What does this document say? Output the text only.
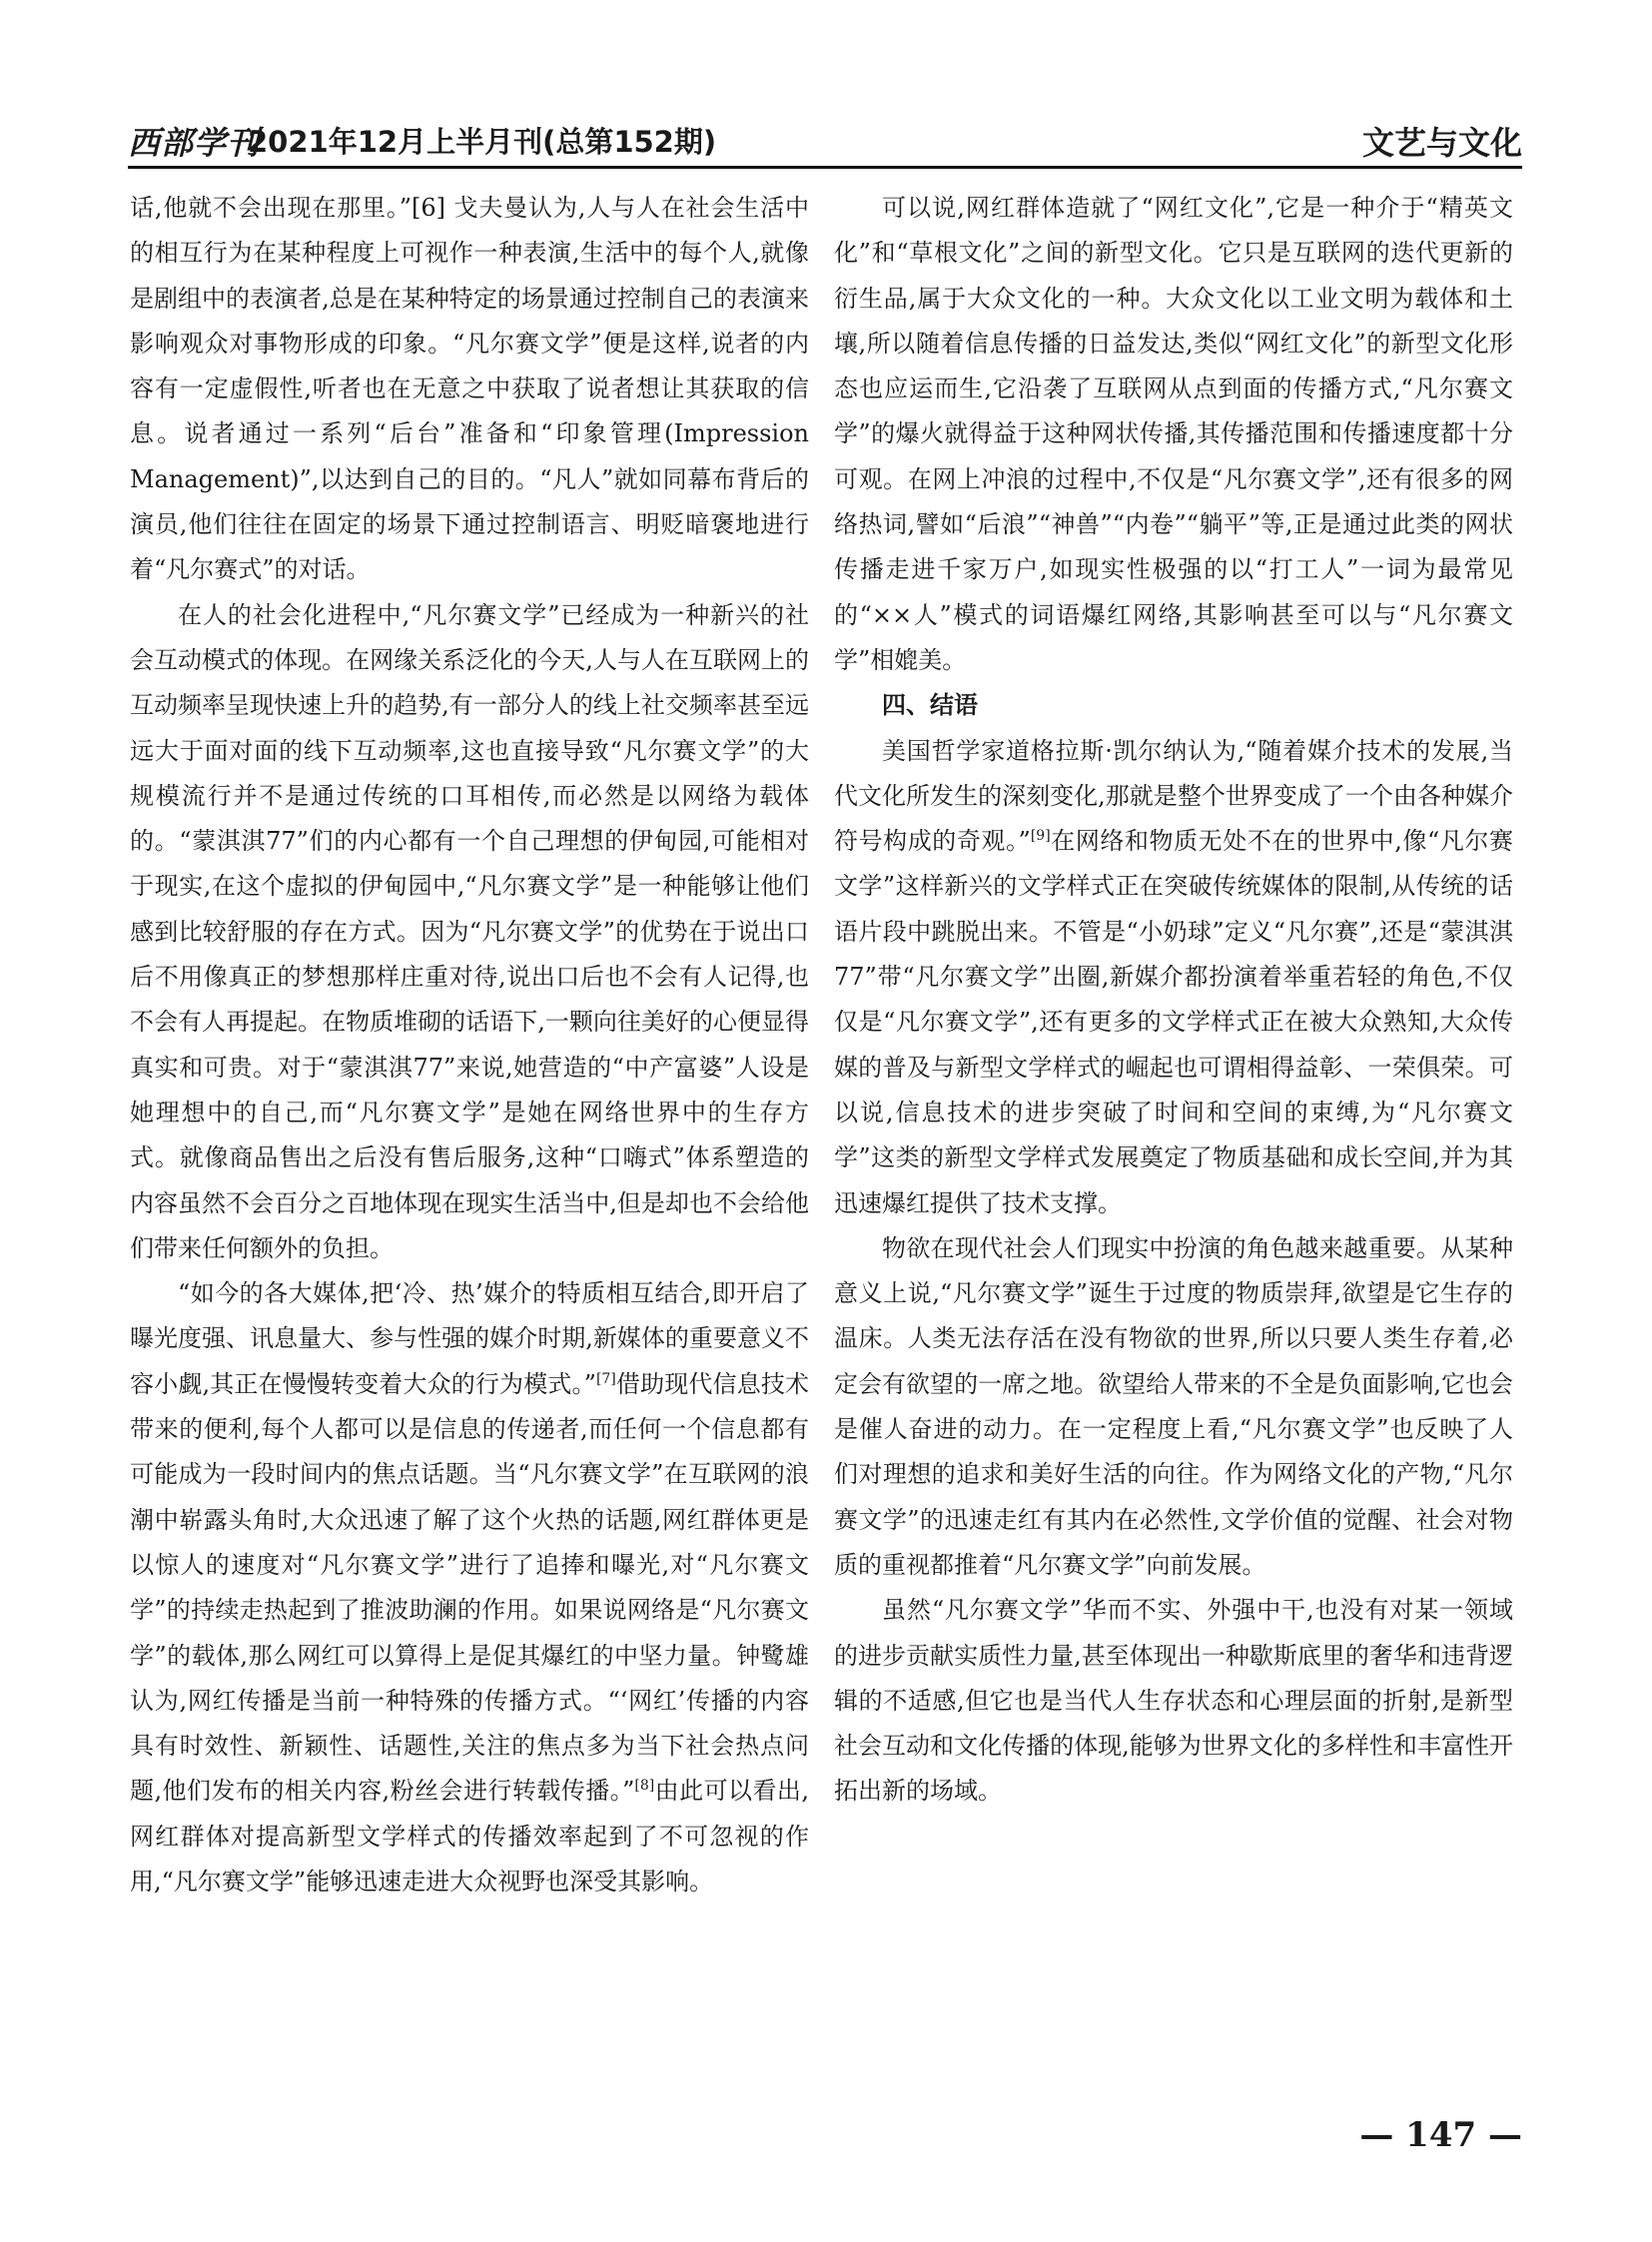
西部学刊
2021年12月上半月刊(总第152期)	文艺与文化

话,他就不会出现在那里。”[6] 戈夫曼认为,人与人在社会生活中的相互行为在某种程度上可视作一种表演,生活中的每个人,就像是剧组中的表演者,总是在某种特定的场景通过控制自己的表演来影响观众对事物形成的印象。“凡尔赛文学”便是这样,说者的内容有一定虚假性,听者也在无意之中获取了说者想让其获取的信息。说者通过一系列“后台”准备和“印象管理(Impression Management)”,以达到自己的目的。“凡人”就如同幕布背后的演员,他们往往在固定的场景下通过控制语言、明贬暗褒地进行着“凡尔赛式”的对话。

在人的社会化进程中,“凡尔赛文学”已经成为一种新兴的社会互动模式的体现。在网缘关系泛化的今天,人与人在互联网上的互动频率呈现快速上升的趋势,有一部分人的线上社交频率甚至远远大于面对面的线下互动频率,这也直接导致“凡尔赛文学”的大规模流行并不是通过传统的口耳相传,而必然是以网络为载体的。“蒙淇淇77”们的内心都有一个自己理想的伊甸园,可能相对于现实,在这个虚拟的伊甸园中,“凡尔赛文学”是一种能够让他们感到比较舒服的存在方式。因为“凡尔赛文学”的优势在于说出口后不用像真正的梦想那样庄重对待,说出口后也不会有人记得,也不会有人再提起。在物质堆砌的话语下,一颗向往美好的心便显得真实和可贵。对于“蒙淇淇77”来说,她营造的“中产富婆”人设是她理想中的自己,而“凡尔赛文学”是她在网络世界中的生存方式。就像商品售出之后没有售后服务,这种“口嗨式”体系塑造的内容虽然不会百分之百地体现在现实生活当中,但是却也不会给他们带来任何额外的负担。

“如今的各大媒体,把‘冷、热’媒介的特质相互结合,即开启了曝光度强、讯息量大、参与性强的媒介时期,新媒体的重要意义不容小觑,其正在慢慢转变着大众的行为模式。”[7]借助现代信息技术带来的便利,每个人都可以是信息的传递者,而任何一个信息都有可能成为一段时间内的焦点话题。当“凡尔赛文学”在互联网的浪潮中崭露头角时,大众迅速了解了这个火热的话题,网红群体更是以惊人的速度对“凡尔赛文学”进行了追捧和曝光,对“凡尔赛文学”的持续走热起到了推波助澜的作用。如果说网络是“凡尔赛文学”的载体,那么网红可以算得上是促其爆红的中坚力量。钟鹭雄认为,网红传播是当前一种特殊的传播方式。“‘网红’传播的内容具有时效性、新颖性、话题性,关注的焦点多为当下社会热点问题,他们发布的相关内容,粉丝会进行转载传播。”[8]由此可以看出,网红群体对提高新型文学样式的传播效率起到了不可忽视的作用,“凡尔赛文学”能够迅速走进大众视野也深受其影响。

可以说,网红群体造就了“网红文化”,它是一种介于“精英文化”和“草根文化”之间的新型文化。它只是互联网的迭代更新的衍生品,属于大众文化的一种。大众文化以工业文明为载体和土壤,所以随着信息传播的日益发达,类似“网红文化”的新型文化形态也应运而生,它沿袭了互联网从点到面的传播方式,“凡尔赛文学”的爆火就得益于这种网状传播,其传播范围和传播速度都十分可观。在网上冲浪的过程中,不仅是“凡尔赛文学”,还有很多的网络热词,譬如“后浪”“神兽”“内卷”“躺平”等,正是通过此类的网状传播走进千家万户,如现实性极强的以“打工人”一词为最常见的“××人”模式的词语爆红网络,其影响甚至可以与“凡尔赛文学”相媲美。

四、结语

美国哲学家道格拉斯·凯尔纳认为,“随着媒介技术的发展,当代文化所发生的深刻变化,那就是整个世界变成了一个由各种媒介符号构成的奇观。”[9]在网络和物质无处不在的世界中,像“凡尔赛文学”这样新兴的文学样式正在突破传统媒体的限制,从传统的话语片段中跳脱出来。不管是“小奶球”定义“凡尔赛”,还是“蒙淇淇77”带“凡尔赛文学”出圈,新媒介都扮演着举重若轻的角色,不仅仅是“凡尔赛文学”,还有更多的文学样式正在被大众熟知,大众传媒的普及与新型文学样式的崛起也可谓相得益彰、一荣俱荣。可以说,信息技术的进步突破了时间和空间的束缚,为“凡尔赛文学”这类的新型文学样式发展奠定了物质基础和成长空间,并为其迅速爆红提供了技术支撑。

物欲在现代社会人们现实中扮演的角色越来越重要。从某种意义上说,“凡尔赛文学”诞生于过度的物质崇拜,欲望是它生存的温床。人类无法存活在没有物欲的世界,所以只要人类生存着,必定会有欲望的一席之地。欲望给人带来的不全是负面影响,它也会是催人奋进的动力。在一定程度上看,“凡尔赛文学”也反映了人们对理想的追求和美好生活的向往。作为网络文化的产物,“凡尔赛文学”的迅速走红有其内在必然性,文学价值的觉醒、社会对物质的重视都推着“凡尔赛文学”向前发展。

虽然“凡尔赛文学”华而不实、外强中干,也没有对某一领域的进步贡献实质性力量,甚至体现出一种歇斯底里的奢华和违背逻辑的不适感,但它也是当代人生存状态和心理层面的折射,是新型社会互动和文化传播的体现,能够为世界文化的多样性和丰富性开拓出新的场域。

— 147 —
